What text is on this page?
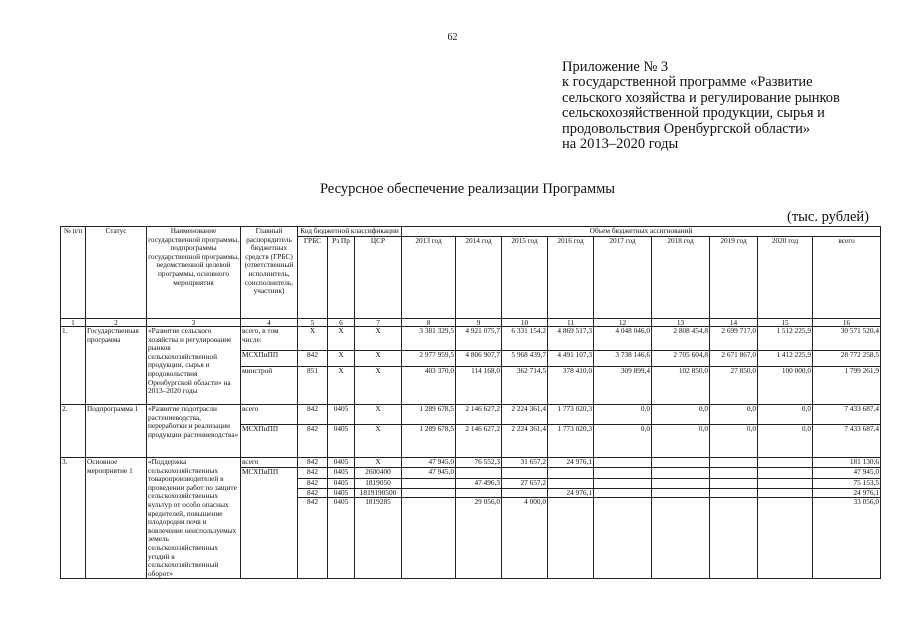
62
Приложение № 3
к государственной программе «Развитие
сельского хозяйства и регулирование рынков
сельскохозяйственной продукции, сырья и
продовольствия Оренбургской области»
на 2013–2020 годы
Ресурсное обеспечение реализации Программы
(тыс. рублей)
№ п/п	Статус	Наименование государственной программы, подпрограммы государственной программы, ведомственной целевой программы, основного мероприятия	Главный распорядитель бюджетных средств (ГРБС) (ответственный исполнитель, соисполнитель, участник)	Код бюджетной классификации			Объем бюджетных ассигнований								
				ГРБС	Рз Пр	ЦСР	2013 год	2014 год	2015 год	2016 год	2017 год	2018 год	2019 год	2020 год	всего
1	2	3	4	5	6	7	8	9	10	11	12	13	14	15	16
1.	Государственная программа	«Развитие сельского хозяйства и регулирование рынков сельскохозяйственной продукции, сырья и продовольствия Оренбургской области» на 2013–2020 годы	всего, в том числе:	X	X	X	3 381 329,5	4 921 075,7	6 331 154,2	4 869 517,3	4 048 046,0	2 808 454,8	2 699 717,0	1 512 225,9	30 571 520,4
			МСХПиПП	842	X	X	2 977 959,5	4 806 907,7	5 968 439,7	4 491 107,3	3 738 146,6	2 705 604,8	2 671 867,0	1 412 225,9	28 772 258,5
			минстрой	851	X	X	403 370,0	114 168,0	362 714,5	378 410,0	309 899,4	102 850,0	27 850,0	100 000,0	1 799 261,9
2.	Подпрограмма 1	«Развитие подотрасли растениеводства, переработки и реализации продукции растениеводства»	всего	842	0405	X	1 289 678,5	2 146 627,2	2 224 361,4	1 773 020,3	0,0	0,0	0,0	0,0	7 433 687,4
			МСХПиПП	842	0405	X	1 289 678,5	2 146 627,2	2 224 361,4	1 773 020,3	0,0	0,0	0,0	0,0	7 433 687,4
3.	Основное мероприятие 1	«Поддержка сельскохозяйственных товаропроизводителей в проведении работ по защите сельскохозяйственных культур от особо опасных вредителей, повышение плодородия почв и вовлечение неиспользуемых земель сельскохозяйственных угодий в сельскохозяйственный оборот»	всего	842	0405	X	47 945,0	76 552,3	31 657,2	24 976,1					181 130,6
			МСХПиПП	842	0405	2600400	47 945,0								47 945,0
				842	0405	1819050		47 496,3	27 657,2						75 153,5
				842	0405	1819190500				24 976,1					24 976,1
				842	0405	1819285		29 056,0	4 000,0						33 056,0
